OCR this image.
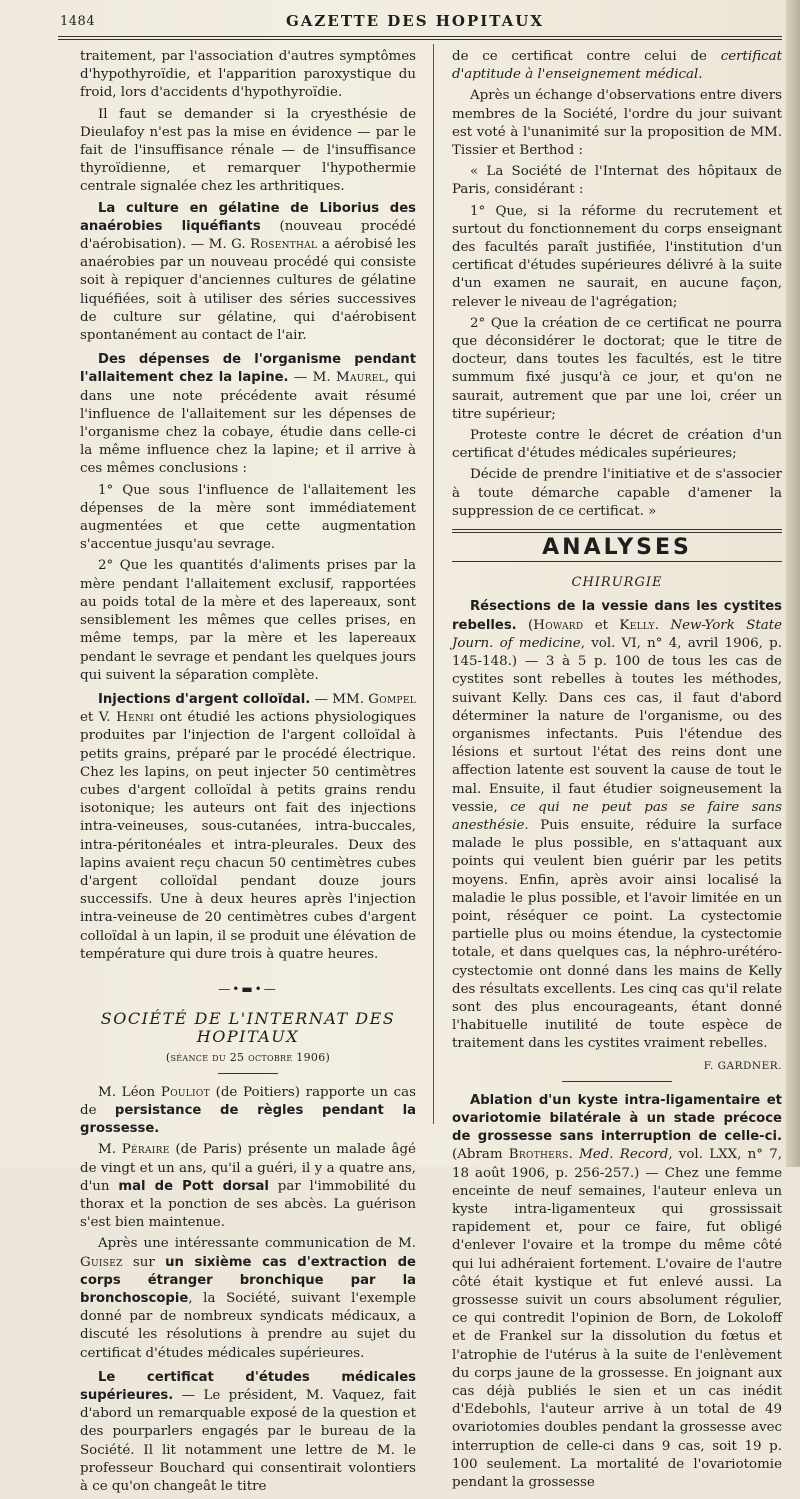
1484	GAZETTE DES HOPITAUX

traitement, par l'association d'autres symptômes d'hypothyroïdie, et l'apparition paroxystique du froid, lors d'accidents d'hypothyroïdie.

Il faut se demander si la cryesthésie de Dieulafoy n'est pas la mise en évidence — par le fait de l'insuffisance rénale — de l'insuffisance thyroïdienne, et remarquer l'hypothermie centrale signalée chez les arthritiques.

La culture en gélatine de Liborius des anaérobies liquéfiants (nouveau procédé d'aérobisation). — M. G. Rosenthal a aérobisé les anaérobies par un nouveau procédé qui consiste soit à repiquer d'anciennes cultures de gélatine liquéfiées, soit à utiliser des séries successives de culture sur gélatine, qui d'aérobisent spontanément au contact de l'air.

Des dépenses de l'organisme pendant l'allaitement chez la lapine. — M. Maurel, qui dans une note précédente avait résumé l'influence de l'allaitement sur les dépenses de l'organisme chez la cobaye, étudie dans celle-ci la même influence chez la lapine; et il arrive à ces mêmes conclusions :

1° Que sous l'influence de l'allaitement les dépenses de la mère sont immédiatement augmentées et que cette augmentation s'accentue jusqu'au sevrage.

2° Que les quantités d'aliments prises par la mère pendant l'allaitement exclusif, rapportées au poids total de la mère et des lapereaux, sont sensiblement les mêmes que celles prises, en même temps, par la mère et les lapereaux pendant le sevrage et pendant les quelques jours qui suivent la séparation complète.

Injections d'argent colloïdal. — MM. Gompel et V. Henri ont étudié les actions physiologiques produites par l'injection de l'argent colloïdal à petits grains, préparé par le procédé électrique. Chez les lapins, on peut injecter 50 centimètres cubes d'argent colloïdal à petits grains rendu isotonique; les auteurs ont fait des injections intra-veineuses, sous-cutanées, intra-buccales, intra-péritonéales et intra-pleurales. Deux des lapins avaient reçu chacun 50 centimètres cubes d'argent colloïdal pendant douze jours successifs. Une à deux heures après l'injection intra-veineuse de 20 centimètres cubes d'argent colloïdal à un lapin, il se produit une élévation de température qui dure trois à quatre heures.

—•▬•—
SOCIÉTÉ DE L'INTERNAT DES HOPITAUX
(séance du 25 octobre 1906)

M. Léon Pouliot (de Poitiers) rapporte un cas de persistance de règles pendant la grossesse.

M. Péraire (de Paris) présente un malade âgé de vingt et un ans, qu'il a guéri, il y a quatre ans, d'un mal de Pott dorsal par l'immobilité du thorax et la ponction de ses abcès. La guérison s'est bien maintenue.

Après une intéressante communication de M. Guisez sur un sixième cas d'extraction de corps étranger bronchique par la bronchoscopie, la Société, suivant l'exemple donné par de nombreux syndicats médicaux, a discuté les résolutions à prendre au sujet du certificat d'études médicales supérieures.

Le certificat d'études médicales supérieures. — Le président, M. Vaquez, fait d'abord un remarquable exposé de la question et des pourparlers engagés par le bureau de la Société. Il lit notamment une lettre de M. le professeur Bouchard qui consentirait volontiers à ce qu'on changeât le titre

de ce certificat contre celui de certificat d'aptitude à l'enseignement médical.

Après un échange d'observations entre divers membres de la Société, l'ordre du jour suivant est voté à l'unanimité sur la proposition de MM. Tissier et Berthod :

« La Société de l'Internat des hôpitaux de Paris, considérant :

1° Que, si la réforme du recrutement et surtout du fonctionnement du corps enseignant des facultés paraît justifiée, l'institution d'un certificat d'études supérieures délivré à la suite d'un examen ne saurait, en aucune façon, relever le niveau de l'agrégation;

2° Que la création de ce certificat ne pourra que déconsidérer le doctorat; que le titre de docteur, dans toutes les facultés, est le titre summum fixé jusqu'à ce jour, et qu'on ne saurait, autrement que par une loi, créer un titre supérieur;

Proteste contre le décret de création d'un certificat d'études médicales supérieures;

Décide de prendre l'initiative et de s'associer à toute démarche capable d'amener la suppression de ce certificat. »

ANALYSES
CHIRURGIE

Résections de la vessie dans les cystites rebelles. (Howard et Kelly. New-York State Journ. of medicine, vol. VI, n° 4, avril 1906, p. 145-148.) — 3 à 5 p. 100 de tous les cas de cystites sont rebelles à toutes les méthodes, suivant Kelly. Dans ces cas, il faut d'abord déterminer la nature de l'organisme, ou des organismes infectants. Puis l'étendue des lésions et surtout l'état des reins dont une affection latente est souvent la cause de tout le mal. Ensuite, il faut étudier soigneusement la vessie, ce qui ne peut pas se faire sans anesthésie. Puis ensuite, réduire la surface malade le plus possible, en s'attaquant aux points qui veulent bien guérir par les petits moyens. Enfin, après avoir ainsi localisé la maladie le plus possible, et l'avoir limitée en un point, réséquer ce point. La cystectomie partielle plus ou moins étendue, la cystectomie totale, et dans quelques cas, la néphro-urétéro-cystectomie ont donné dans les mains de Kelly des résultats excellents. Les cinq cas qu'il relate sont des plus encourageants, étant donné l'habituelle inutilité de toute espèce de traitement dans les cystites vraiment rebelles.

F. GARDNER.

Ablation d'un kyste intra-ligamentaire et ovariotomie bilatérale à un stade précoce de grossesse sans interruption de celle-ci. (Abram Brothers. Med. Record, vol. LXX, n° 7, 18 août 1906, p. 256-257.) — Chez une femme enceinte de neuf semaines, l'auteur enleva un kyste intra-ligamenteux qui grossissait rapidement et, pour ce faire, fut obligé d'enlever l'ovaire et la trompe du même côté qui lui adhéraient fortement. L'ovaire de l'autre côté était kystique et fut enlevé aussi. La grossesse suivit un cours absolument régulier, ce qui contredit l'opinion de Born, de Lokoloff et de Frankel sur la dissolution du fœtus et l'atrophie de l'utérus à la suite de l'enlèvement du corps jaune de la grossesse. En joignant aux cas déjà publiés le sien et un cas inédit d'Edebohls, l'auteur arrive à un total de 49 ovariotomies doubles pendant la grossesse avec interruption de celle-ci dans 9 cas, soit 19 p. 100 seulement. La mortalité de l'ovariotomie pendant la grossesse
